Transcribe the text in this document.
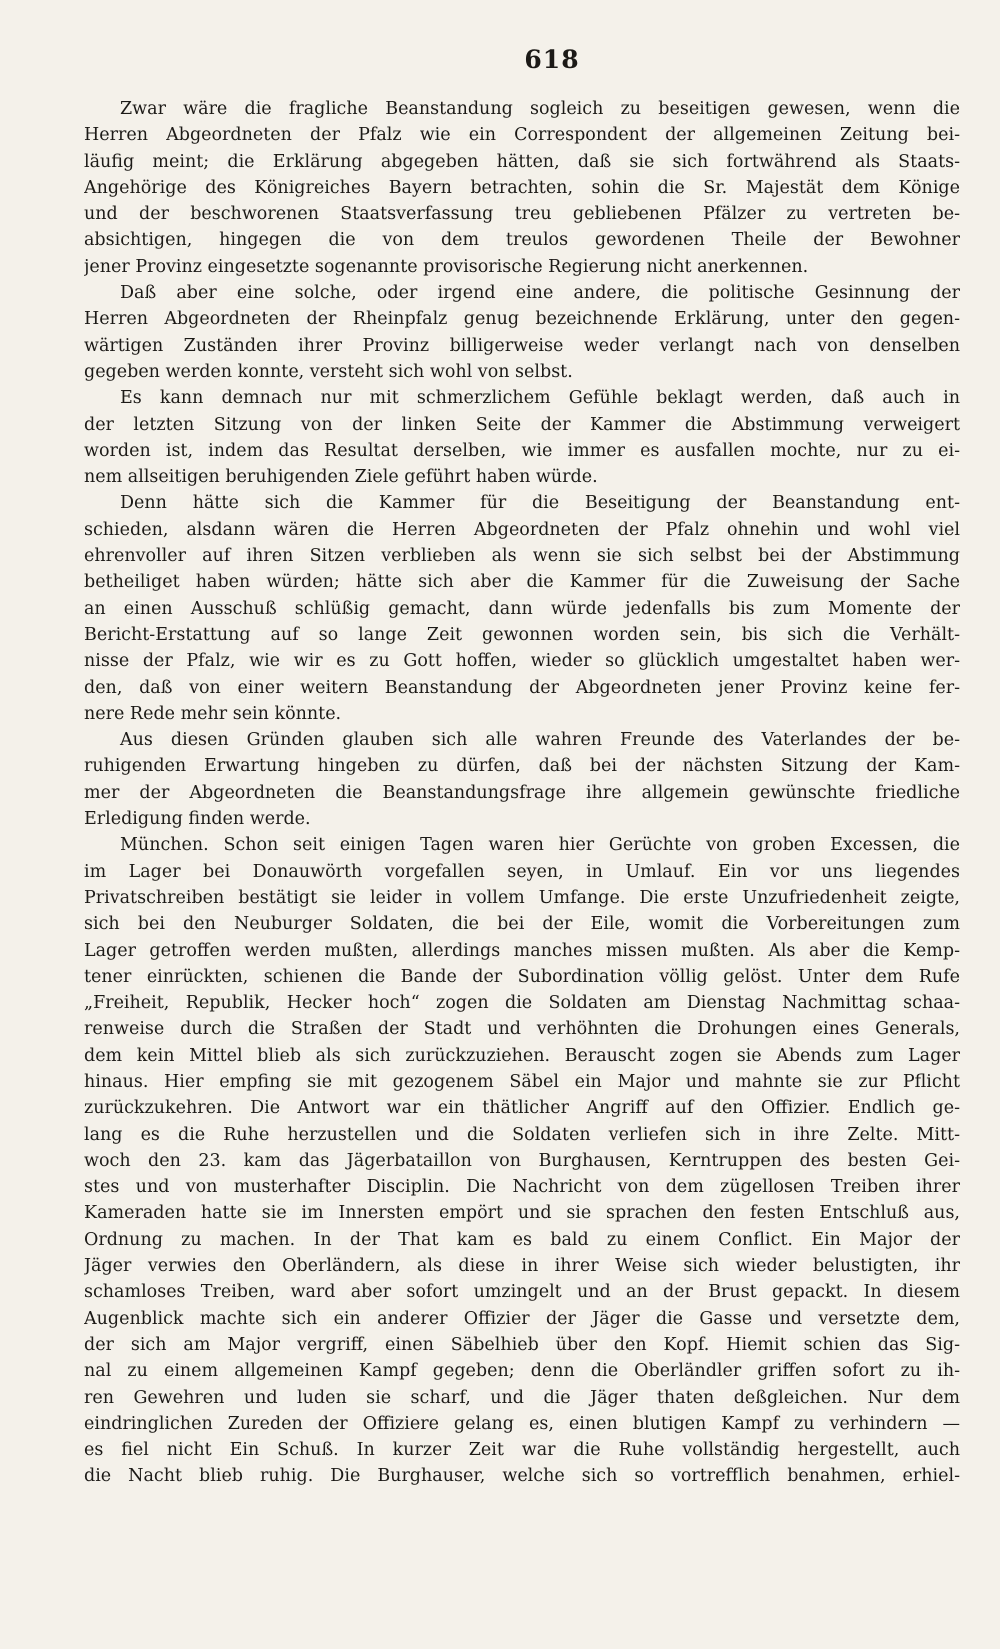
618
Zwar wäre die fragliche Beanstandung sogleich zu beseitigen gewesen, wenn die
Herren Abgeordneten der Pfalz wie ein Correspondent der allgemeinen Zeitung bei-
läufig meint; die Erklärung abgegeben hätten, daß sie sich fortwährend als Staats-
Angehörige des Königreiches Bayern betrachten, sohin die Sr. Majestät dem Könige
und der beschworenen Staatsverfassung treu gebliebenen Pfälzer zu vertreten be-
absichtigen, hingegen die von dem treulos gewordenen Theile der Bewohner
jener Provinz eingesetzte sogenannte provisorische Regierung nicht anerkennen.
Daß aber eine solche, oder irgend eine andere, die politische Gesinnung der
Herren Abgeordneten der Rheinpfalz genug bezeichnende Erklärung, unter den gegen-
wärtigen Zuständen ihrer Provinz billigerweise weder verlangt nach von denselben
gegeben werden konnte, versteht sich wohl von selbst.
Es kann demnach nur mit schmerzlichem Gefühle beklagt werden, daß auch in
der letzten Sitzung von der linken Seite der Kammer die Abstimmung verweigert
worden ist, indem das Resultat derselben, wie immer es ausfallen mochte, nur zu ei-
nem allseitigen beruhigenden Ziele geführt haben würde.
Denn hätte sich die Kammer für die Beseitigung der Beanstandung ent-
schieden, alsdann wären die Herren Abgeordneten der Pfalz ohnehin und wohl viel
ehrenvoller auf ihren Sitzen verblieben als wenn sie sich selbst bei der Abstimmung
betheiliget haben würden; hätte sich aber die Kammer für die Zuweisung der Sache
an einen Ausschuß schlüßig gemacht, dann würde jedenfalls bis zum Momente der
Bericht-Erstattung auf so lange Zeit gewonnen worden sein, bis sich die Verhält-
nisse der Pfalz, wie wir es zu Gott hoffen, wieder so glücklich umgestaltet haben wer-
den, daß von einer weitern Beanstandung der Abgeordneten jener Provinz keine fer-
nere Rede mehr sein könnte.
Aus diesen Gründen glauben sich alle wahren Freunde des Vaterlandes der be-
ruhigenden Erwartung hingeben zu dürfen, daß bei der nächsten Sitzung der Kam-
mer der Abgeordneten die Beanstandungsfrage ihre allgemein gewünschte friedliche
Erledigung finden werde.
München. Schon seit einigen Tagen waren hier Gerüchte von groben Excessen, die
im Lager bei Donauwörth vorgefallen seyen, in Umlauf. Ein vor uns liegendes
Privatschreiben bestätigt sie leider in vollem Umfange. Die erste Unzufriedenheit zeigte,
sich bei den Neuburger Soldaten, die bei der Eile, womit die Vorbereitungen zum
Lager getroffen werden mußten, allerdings manches missen mußten. Als aber die Kemp-
tener einrückten, schienen die Bande der Subordination völlig gelöst. Unter dem Rufe
„Freiheit, Republik, Hecker hoch“ zogen die Soldaten am Dienstag Nachmittag schaa-
renweise durch die Straßen der Stadt und verhöhnten die Drohungen eines Generals,
dem kein Mittel blieb als sich zurückzuziehen. Berauscht zogen sie Abends zum Lager
hinaus. Hier empfing sie mit gezogenem Säbel ein Major und mahnte sie zur Pflicht
zurückzukehren. Die Antwort war ein thätlicher Angriff auf den Offizier. Endlich ge-
lang es die Ruhe herzustellen und die Soldaten verliefen sich in ihre Zelte. Mitt-
woch den 23. kam das Jägerbataillon von Burghausen, Kerntruppen des besten Gei-
stes und von musterhafter Disciplin. Die Nachricht von dem zügellosen Treiben ihrer
Kameraden hatte sie im Innersten empört und sie sprachen den festen Entschluß aus,
Ordnung zu machen. In der That kam es bald zu einem Conflict. Ein Major der
Jäger verwies den Oberländern, als diese in ihrer Weise sich wieder belustigten, ihr
schamloses Treiben, ward aber sofort umzingelt und an der Brust gepackt. In diesem
Augenblick machte sich ein anderer Offizier der Jäger die Gasse und versetzte dem,
der sich am Major vergriff, einen Säbelhieb über den Kopf. Hiemit schien das Sig-
nal zu einem allgemeinen Kampf gegeben; denn die Oberländler griffen sofort zu ih-
ren Gewehren und luden sie scharf, und die Jäger thaten deßgleichen. Nur dem
eindringlichen Zureden der Offiziere gelang es, einen blutigen Kampf zu verhindern —
es fiel nicht Ein Schuß. In kurzer Zeit war die Ruhe vollständig hergestellt, auch
die Nacht blieb ruhig. Die Burghauser, welche sich so vortrefflich benahmen, erhiel-
